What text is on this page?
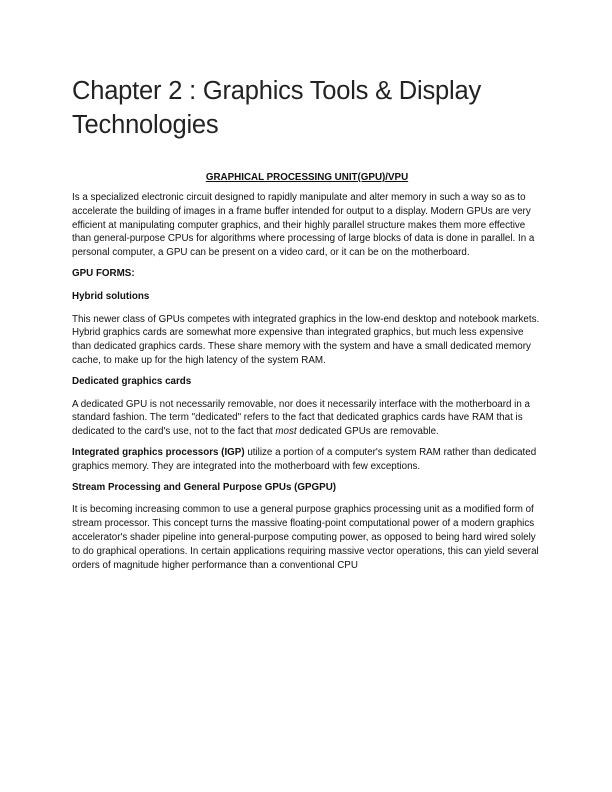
Chapter 2 : Graphics Tools & Display Technologies
GRAPHICAL PROCESSING UNIT(GPU)/VPU

Is a specialized electronic circuit designed to rapidly manipulate and alter memory in such a way so as to accelerate the building of images in a frame buffer intended for output to a display. Modern GPUs are very efficient at manipulating computer graphics, and their highly parallel structure makes them more effective than general-purpose CPUs for algorithms where processing of large blocks of data is done in parallel. In a personal computer, a GPU can be present on a video card, or it can be on the motherboard.

GPU FORMS:
Hybrid solutions

This newer class of GPUs competes with integrated graphics in the low-end desktop and notebook markets. Hybrid graphics cards are somewhat more expensive than integrated graphics, but much less expensive than dedicated graphics cards. These share memory with the system and have a small dedicated memory cache, to make up for the high latency of the system RAM.

Dedicated graphics cards

A dedicated GPU is not necessarily removable, nor does it necessarily interface with the motherboard in a standard fashion. The term "dedicated" refers to the fact that dedicated graphics cards have RAM that is dedicated to the card's use, not to the fact that most dedicated GPUs are removable.

Integrated graphics processors (IGP) utilize a portion of a computer's system RAM rather than dedicated graphics memory. They are integrated into the motherboard with few exceptions.

Stream Processing and General Purpose GPUs (GPGPU)

It is becoming increasing common to use a general purpose graphics processing unit as a modified form of stream processor. This concept turns the massive floating-point computational power of a modern graphics accelerator's shader pipeline into general-purpose computing power, as opposed to being hard wired solely to do graphical operations. In certain applications requiring massive vector operations, this can yield several orders of magnitude higher performance than a conventional CPU
